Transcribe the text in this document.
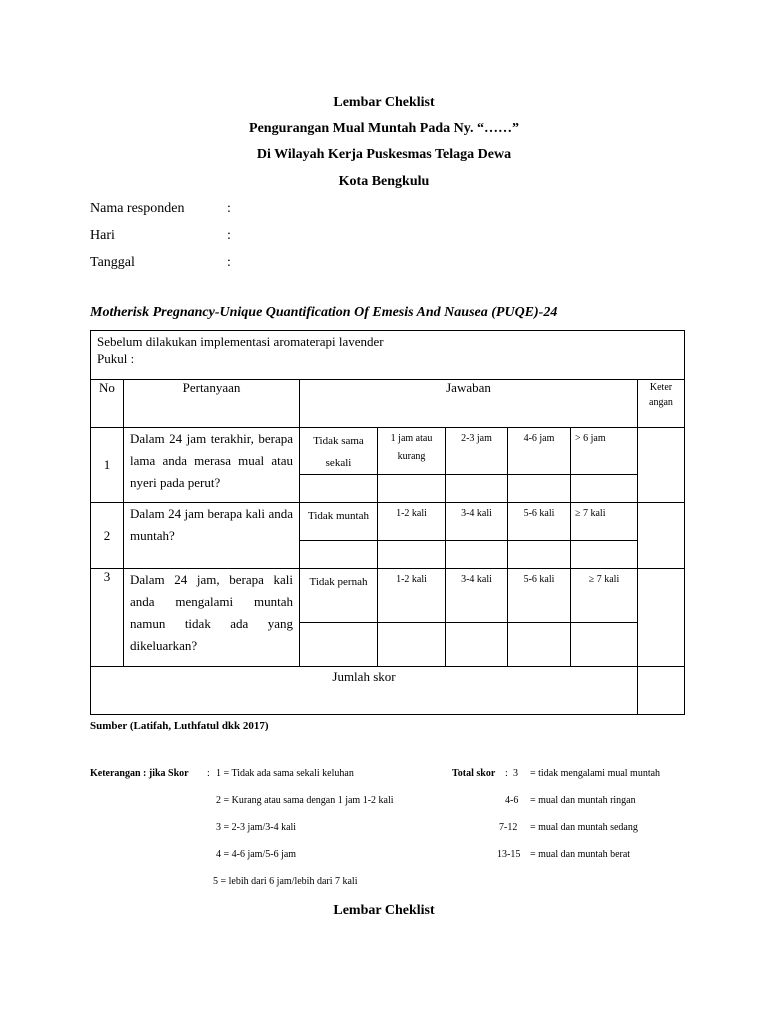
Lembar Cheklist
Pengurangan Mual Muntah Pada Ny. “……”
Di Wilayah Kerja Puskesmas Telaga Dewa
Kota Bengkulu
Nama responden	:
Hari	:
Tanggal	:
Motherisk Pregnancy-Unique Quantification Of Emesis And Nausea (PUQE)-24
Sebelum dilakukan implementasi aromaterapi lavender
Pukul :							

No	Pertanyaan	Jawaban					Keter angan
1	Dalam 24 jam terakhir, berapa lama anda merasa mual atau nyeri pada perut?	Tidak sama sekali	1 jam atau kurang	2-3 jam	4-6 jam	> 6 jam	

2	Dalam 24 jam berapa kali anda muntah?	Tidak muntah	1-2 kali	3-4 kali	5-6 kali	≥ 7 kali	

3	Dalam 24 jam, berapa kali anda mengalami muntah namun tidak ada yang dikeluarkan?	Tidak pernah	1-2 kali	3-4 kali	5-6 kali	≥ 7 kali	

Jumlah skor							
Sumber (Latifah, Luthfatul dkk 2017)
Keterangan : jika Skor : 1 = Tidak ada sama sekali keluhan
2 = Kurang atau sama dengan 1 jam 1-2 kali
3 = 2-3 jam/3-4 kali
4 = 4-6 jam/5-6 jam
5 = lebih dari 6 jam/lebih dari 7 kali
Total skor : 3 = tidak mengalami mual muntah
4-6 = mual dan muntah ringan
7-12 = mual dan muntah sedang
13-15 = mual dan muntah berat
Lembar Cheklist
